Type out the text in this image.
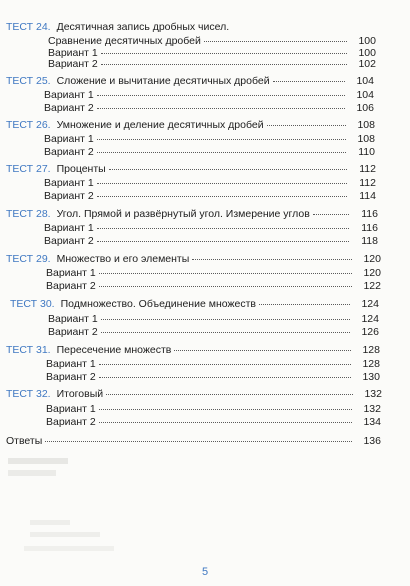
ТЕСТ 24. Десятичная запись дробных чисел.
Сравнение десятичных дробей	100
Вариант 1	100
Вариант 2	102
ТЕСТ 25. Сложение и вычитание десятичных дробей	104
Вариант 1	104
Вариант 2	106
ТЕСТ 26. Умножение и деление десятичных дробей	108
Вариант 1	108
Вариант 2	110
ТЕСТ 27. Проценты	112
Вариант 1	112
Вариант 2	114
ТЕСТ 28. Угол. Прямой и развёрнутый угол. Измерение углов	116
Вариант 1	116
Вариант 2	118
ТЕСТ 29. Множество и его элементы	120
Вариант 1	120
Вариант 2	122
ТЕСТ 30. Подмножество. Объединение множеств	124
Вариант 1	124
Вариант 2	126
ТЕСТ 31. Пересечение множеств	128
Вариант 1	128
Вариант 2	130
ТЕСТ 32. Итоговый	132
Вариант 1	132
Вариант 2	134
Ответы	136
5
